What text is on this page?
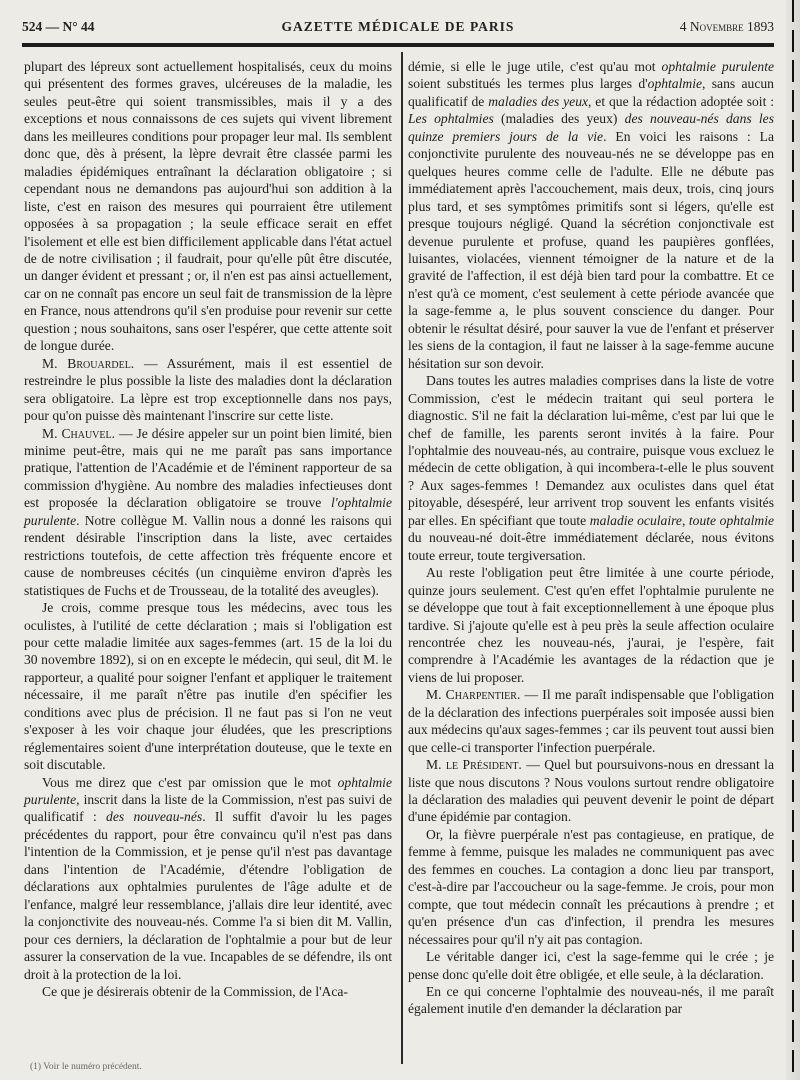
524 — N° 44	GAZETTE MÉDICALE DE PARIS	4 Novembre 1893

plupart des lépreux sont actuellement hospitalisés, ceux du moins qui présentent des formes graves, ulcéreuses de la maladie, les seules peut-être qui soient transmissibles, mais il y a des exceptions et nous connaissons de ces sujets qui vivent librement dans les meilleures conditions pour propager leur mal. Ils semblent donc que, dès à présent, la lèpre devrait être classée parmi les maladies épidémiques entraînant la déclaration obligatoire ; si cependant nous ne demandons pas aujourd'hui son addition à la liste, c'est en raison des mesures qui pourraient être utilement opposées à sa propagation ; la seule efficace serait en effet l'isolement et elle est bien difficilement applicable dans l'état actuel de de notre civilisation ; il faudrait, pour qu'elle pût être discutée, un danger évident et pressant ; or, il n'en est pas ainsi actuellement, car on ne connaît pas encore un seul fait de transmission de la lèpre en France, nous attendrons qu'il s'en produise pour revenir sur cette question ; nous souhaitons, sans oser l'espérer, que cette attente soit de longue durée.

M. Brouardel. — Assurément, mais il est essentiel de restreindre le plus possible la liste des maladies dont la déclaration sera obligatoire. La lèpre est trop exceptionnelle dans nos pays, pour qu'on puisse dès maintenant l'inscrire sur cette liste.

M. Chauvel. — Je désire appeler sur un point bien limité, bien minime peut-être, mais qui ne me paraît pas sans importance pratique, l'attention de l'Académie et de l'éminent rapporteur de sa commission d'hygiène. Au nombre des maladies infectieuses dont est proposée la déclaration obligatoire se trouve l'ophtalmie purulente. Notre collègue M. Vallin nous a donné les raisons qui rendent désirable l'inscription dans la liste, avec certaides restrictions toutefois, de cette affection très fréquente encore et cause de nombreuses cécités (un cinquième environ d'après les statistiques de Fuchs et de Trousseau, de la totalité des aveugles).

Je crois, comme presque tous les médecins, avec tous les oculistes, à l'utilité de cette déclaration ; mais si l'obligation est pour cette maladie limitée aux sages-femmes (art. 15 de la loi du 30 novembre 1892), si on en excepte le médecin, qui seul, dit M. le rapporteur, a qualité pour soigner l'enfant et appliquer le traitement nécessaire, il me paraît n'être pas inutile d'en spécifier les conditions avec plus de précision. Il ne faut pas si l'on ne veut s'exposer à les voir chaque jour éludées, que les prescriptions réglementaires soient d'une interprétation douteuse, que le texte en soit discutable.

Vous me direz que c'est par omission que le mot ophtalmie purulente, inscrit dans la liste de la Commission, n'est pas suivi de qualificatif : des nouveau-nés. Il suffit d'avoir lu les pages précédentes du rapport, pour être convaincu qu'il n'est pas dans l'intention de la Commission, et je pense qu'il n'est pas davantage dans l'intention de l'Académie, d'étendre l'obligation de déclarations aux ophtalmies purulentes de l'âge adulte et de l'enfance, malgré leur ressemblance, j'allais dire leur identité, avec la conjonctivite des nouveau-nés. Comme l'a si bien dit M. Vallin, pour ces derniers, la déclaration de l'ophtalmie a pour but de leur assurer la conservation de la vue. Incapables de se défendre, ils ont droit à la protection de la loi.

Ce que je désirerais obtenir de la Commission, de l'Aca-

démie, si elle le juge utile, c'est qu'au mot ophtalmie purulente soient substitués les termes plus larges d'ophtalmie, sans aucun qualificatif de maladies des yeux, et que la rédaction adoptée soit : Les ophtalmies (maladies des yeux) des nouveau-nés dans les quinze premiers jours de la vie. En voici les raisons : La conjonctivite purulente des nouveau-nés ne se développe pas en quelques heures comme celle de l'adulte. Elle ne débute pas immédiatement après l'accouchement, mais deux, trois, cinq jours plus tard, et ses symptômes primitifs sont si légers, qu'elle est presque toujours négligé. Quand la sécrétion conjonctivale est devenue purulente et profuse, quand les paupières gonflées, luisantes, violacées, viennent témoigner de la nature et de la gravité de l'affection, il est déjà bien tard pour la combattre. Et ce n'est qu'à ce moment, c'est seulement à cette période avancée que la sage-femme a, le plus souvent conscience du danger. Pour obtenir le résultat désiré, pour sauver la vue de l'enfant et préserver les siens de la contagion, il faut ne laisser à la sage-femme aucune hésitation sur son devoir.

Dans toutes les autres maladies comprises dans la liste de votre Commission, c'est le médecin traitant qui seul portera le diagnostic. S'il ne fait la déclaration lui-même, c'est par lui que le chef de famille, les parents seront invités à la faire. Pour l'ophtalmie des nouveau-nés, au contraire, puisque vous excluez le médecin de cette obligation, à qui incombera-t-elle le plus souvent ? Aux sages-femmes ! Demandez aux oculistes dans quel état pitoyable, désespéré, leur arrivent trop souvent les enfants visités par elles. En spécifiant que toute maladie oculaire, toute ophtalmie du nouveau-né doit-être immédiatement déclarée, nous évitons toute erreur, toute tergiversation.

Au reste l'obligation peut être limitée à une courte période, quinze jours seulement. C'est qu'en effet l'ophtalmie purulente ne se développe que tout à fait exceptionnellement à une époque plus tardive. Si j'ajoute qu'elle est à peu près la seule affection oculaire rencontrée chez les nouveau-nés, j'aurai, je l'espère, fait comprendre à l'Académie les avantages de la rédaction que je viens de lui proposer.

M. Charpentier. — Il me paraît indispensable que l'obligation de la déclaration des infections puerpérales soit imposée aussi bien aux médecins qu'aux sages-femmes ; car ils peuvent tout aussi bien que celle-ci transporter l'infection puerpérale.

M. le Président. — Quel but poursuivons-nous en dressant la liste que nous discutons ? Nous voulons surtout rendre obligatoire la déclaration des maladies qui peuvent devenir le point de départ d'une épidémie par contagion.

Or, la fièvre puerpérale n'est pas contagieuse, en pratique, de femme à femme, puisque les malades ne communiquent pas avec des femmes en couches. La contagion a donc lieu par transport, c'est-à-dire par l'accoucheur ou la sage-femme. Je crois, pour mon compte, que tout médecin connaît les précautions à prendre ; et qu'en présence d'un cas d'infection, il prendra les mesures nécessaires pour qu'il n'y ait pas contagion.

Le véritable danger ici, c'est la sage-femme qui le crée ; je pense donc qu'elle doit être obligée, et elle seule, à la déclaration.

En ce qui concerne l'ophtalmie des nouveau-nés, il me paraît également inutile d'en demander la déclaration par

(1) Voir le numéro précédent.
